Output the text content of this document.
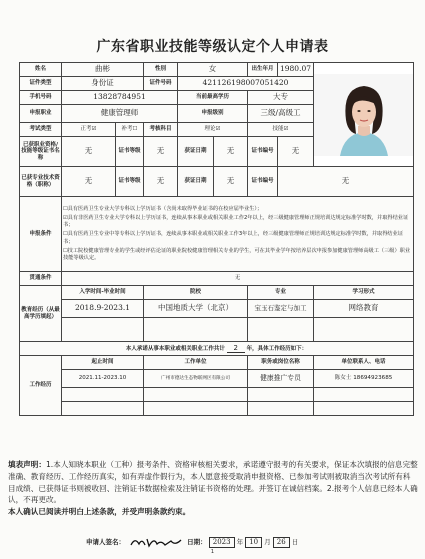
广东省职业技能等级认定个人申请表
姓名	曲彬		性别	女		出生年月	1980.07	

证件类型	身份证		证件号码	421126198007051420				
手机号码	13828784951			当前最高学历		大专		
申报职业	健康管理师			申报级别		三级/高级工		
考试类型	正考☑	补考☐	考核科目	理论☑		技能☑		
已获职业资格/技能等级证书名称	无	证书等级	无	获证日期	无	证书编号	无	
已获专业技术资格（职称）	无	证书等级	无	获证日期	无	证书编号	无	
申报条件	☐具有医药卫生专业大学专科以上学历证书（含尚未取得毕业证书的在校应届毕业生）；

☑具有非医药卫生专业大学专科以上学历证书，连续从事本职业或相关职业工作2年以上，经三级健康管理师正规培训达规定标准学时数，并取得结业证书；

☐具有医药卫生专业中等专科以上学历证书，连续从事本职业或相关职业工作3年以上，经三级健康管理师正规培训达规定标准学时数，并取得结业证书；

☐技工院校健康管理专业的学生或经评估论证的职业院校健康管理相关专业的学生，可在其毕业学年按培养层次申报参加健康管理师高级工（三级）职业技能等级认定。							

贯通条件	无							
教育经历（从最高学历填起）	入学时间-毕业时间		院校			专业		学习形式
	2018.9-2023.1		中国地质大学（北京）			宝玉石鉴定与加工		网络教育

本人承诺从事本职业或相关职业工作共计 2 年，具体工作经历如下：								
工作经历	起止时间		工作单位			职务或岗位名称		单位联系人、电话
	2021.11-2023.10		广州市德达生态物联网区有限公司			健康推广专员		陈女士 18694923685

填表声明：1.本人知晓本职业（工种）报考条件、资格审核相关要求，承诺遵守报考的有关要求，保证本次填报的信息完整准确、教育经历、工作经历真实，如有弄虚作假行为，本人愿意接受取消申报资格、已参加考试则被取消当次考试所有科目成绩、已获得证书则被收回、注销证书数据检索及注销证书资格的处理。并签订在诚信档案。2.报考个人信息已经本人确认，不再更改。
本人确认已阅读并明白上述条款，并受声明条款约束。
申请人签名：	日期： 2023 年 10 月 26 日
1
